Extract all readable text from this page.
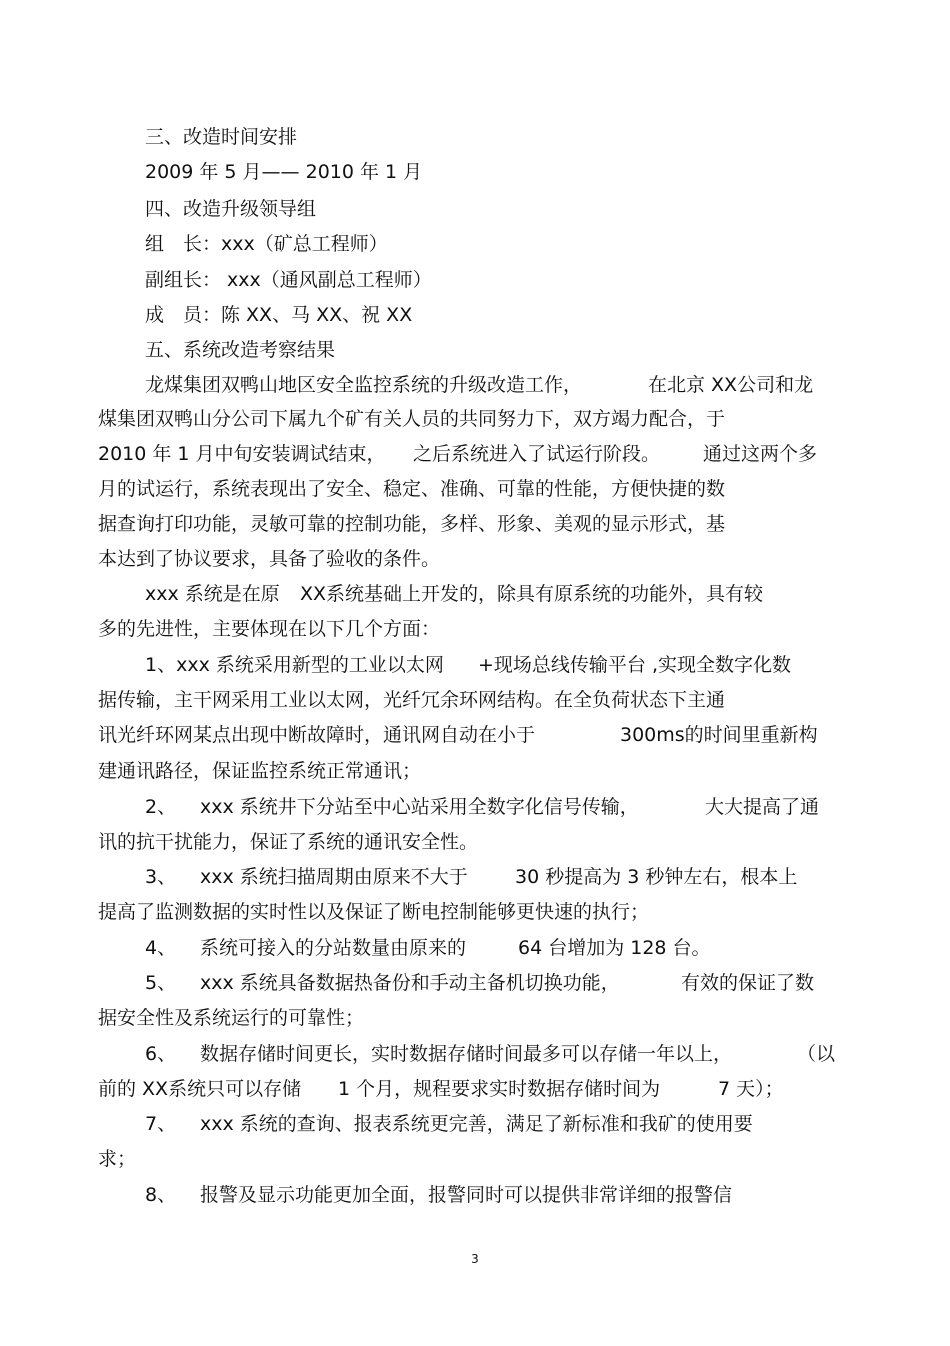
三、改造时间安排
2009 年 5 月—— 2010 年 1 月
四、改造升级领导组
组　长：xxx（矿总工程师）
副组长： xxx（通风副总工程师）
成　员：陈 XX、马 XX、祝 XX
五、系统改造考察结果
龙煤集团双鸭山地区安全监控系统的升级改造工作，	在北京 XX公司和龙
煤集团双鸭山分公司下属九个矿有关人员的共同努力下，双方竭力配合，于
2010 年 1 月中旬安装调试结束， 之后系统进入了试运行阶段。 通过这两个多
月的试运行，系统表现出了安全、稳定、准确、可靠的性能，方便快捷的数
据查询打印功能，灵敏可靠的控制功能，多样、形象、美观的显示形式，基
本达到了协议要求，具备了验收的条件。
xxx 系统是在原 XX系统基础上开发的，除具有原系统的功能外，具有较
多的先进性，主要体现在以下几个方面：
1、xxx 系统采用新型的工业以太网 +现场总线传输平台 ,实现全数字化数
据传输，主干网采用工业以太网，光纤冗余环网结构。在全负荷状态下主通
讯光纤环网某点出现中断故障时，通讯网自动在小于	300ms的时间里重新构
建通讯路径，保证监控系统正常通讯；
2、 xxx 系统井下分站至中心站采用全数字化信号传输，	大大提高了通
讯的抗干扰能力，保证了系统的通讯安全性。
3、 xxx 系统扫描周期由原来不大于 30 秒提高为 3 秒钟左右，根本上
提高了监测数据的实时性以及保证了断电控制能够更快速的执行；
4、 系统可接入的分站数量由原来的	64 台增加为 128 台。
5、 xxx 系统具备数据热备份和手动主备机切换功能，	有效的保证了数
据安全性及系统运行的可靠性；
6、 数据存储时间更长，实时数据存储时间最多可以存储一年以上，	（以
前的 XX系统只可以存储 1 个月，规程要求实时数据存储时间为	7 天）；
7、 xxx 系统的查询、报表系统更完善，满足了新标准和我矿的使用要
求；
8、 报警及显示功能更加全面，报警同时可以提供非常详细的报警信
3
